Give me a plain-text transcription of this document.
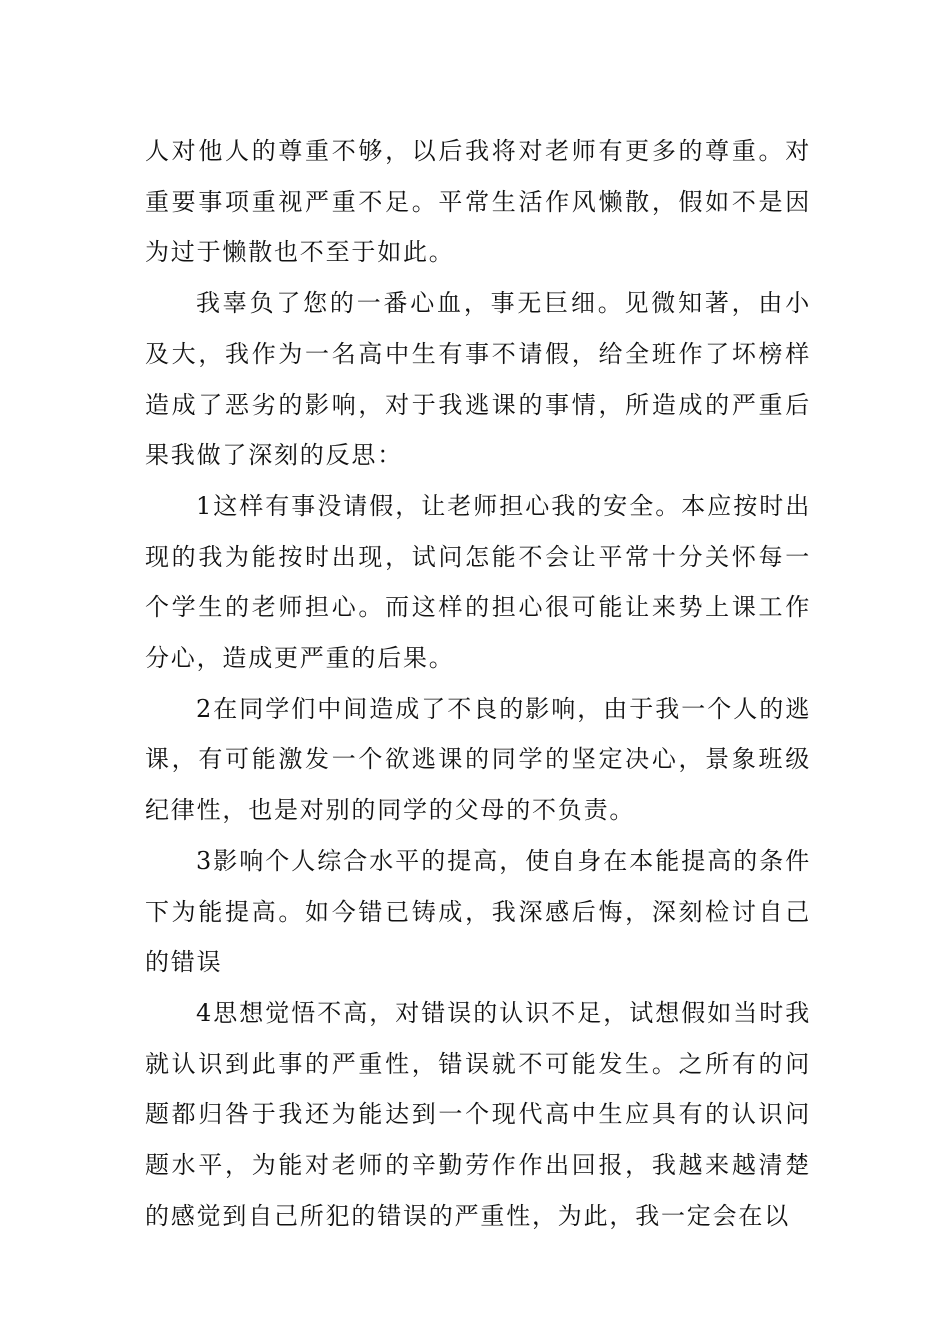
人对他人的尊重不够，以后我将对老师有更多的尊重。对重要事项重视严重不足。平常生活作风懒散，假如不是因为过于懒散也不至于如此。

我辜负了您的一番心血，事无巨细。见微知著，由小及大，我作为一名高中生有事不请假，给全班作了坏榜样造成了恶劣的影响，对于我逃课的事情，所造成的严重后果我做了深刻的反思：

1这样有事没请假，让老师担心我的安全。本应按时出现的我为能按时出现，试问怎能不会让平常十分关怀每一个学生的老师担心。而这样的担心很可能让来势上课工作分心，造成更严重的后果。

2在同学们中间造成了不良的影响，由于我一个人的逃课，有可能激发一个欲逃课的同学的坚定决心，景象班级纪律性，也是对别的同学的父母的不负责。

3影响个人综合水平的提高，使自身在本能提高的条件下为能提高。如今错已铸成，我深感后悔，深刻检讨自己的错误

4思想觉悟不高，对错误的认识不足，试想假如当时我就认识到此事的严重性，错误就不可能发生。之所有的问题都归咎于我还为能达到一个现代高中生应具有的认识问题水平，为能对老师的辛勤劳作作出回报，我越来越清楚的感觉到自己所犯的错误的严重性，为此，我一定会在以
